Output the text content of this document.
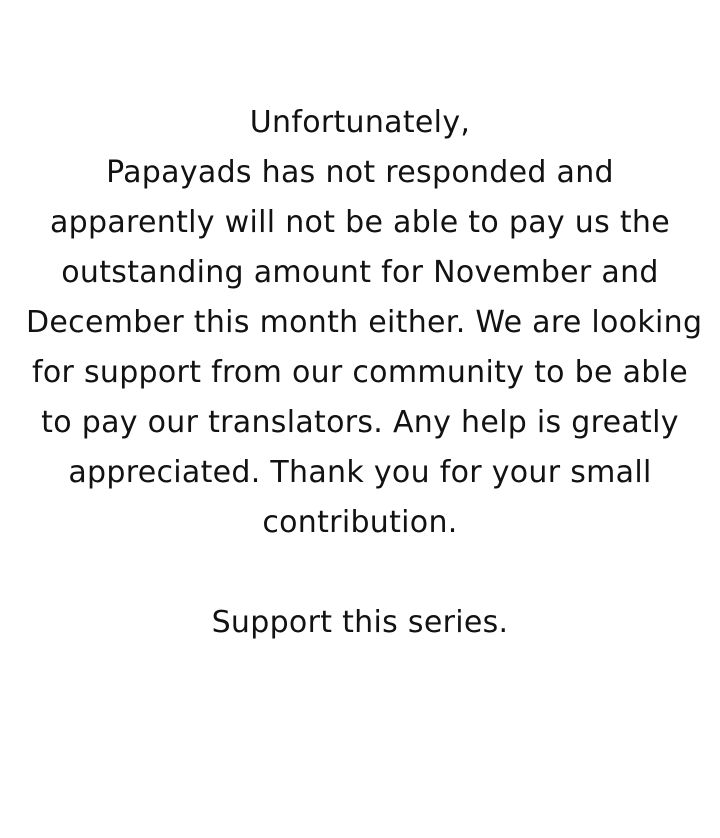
Unfortunately,
Papayads has not responded and
apparently will not be able to pay us the
outstanding amount for November and
December this month either. We are looking
for support from our community to be able
to pay our translators. Any help is greatly
appreciated. Thank you for your small
contribution.
Support this series.
